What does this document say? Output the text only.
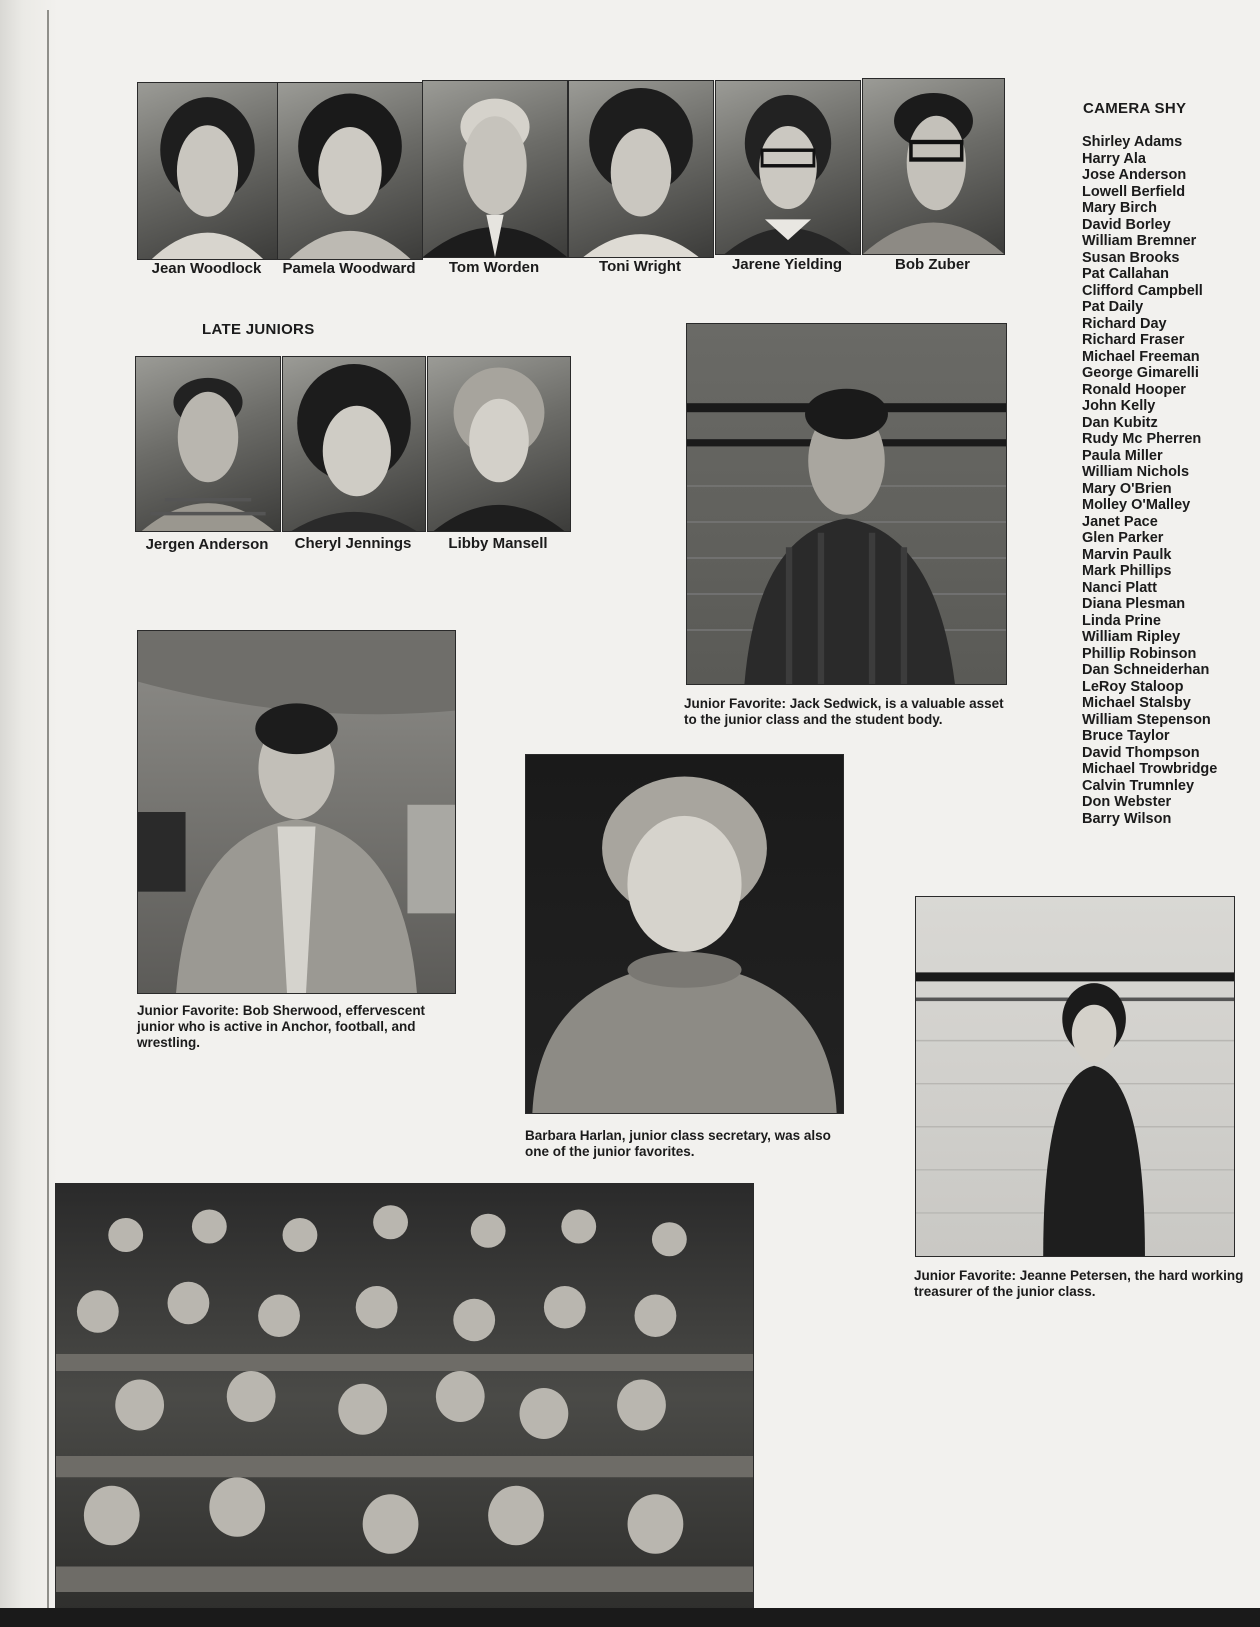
Jean Woodlock	Pamela Woodward	Tom Worden	Toni Wright	Jarene Yielding	Bob Zuber
LATE JUNIORS
Jergen Anderson	Cheryl Jennings	Libby Mansell
Junior Favorite: Jack Sedwick, is a valuable asset to the junior class and the student body.
Junior Favorite: Bob Sherwood, effervescent junior who is active in Anchor, football, and wrestling.
Barbara Harlan, junior class secretary, was also one of the junior favorites.
Junior Favorite: Jeanne Petersen, the hard working treasurer of the junior class.
CAMERA SHY
Shirley Adams
Harry Ala
Jose Anderson
Lowell Berfield
Mary Birch
David Borley
William Bremner
Susan Brooks
Pat Callahan
Clifford Campbell
Pat Daily
Richard Day
Richard Fraser
Michael Freeman
George Gimarelli
Ronald Hooper
John Kelly
Dan Kubitz
Rudy Mc Pherren
Paula Miller
William Nichols
Mary O'Brien
Molley O'Malley
Janet Pace
Glen Parker
Marvin Paulk
Mark Phillips
Nanci Platt
Diana Plesman
Linda Prine
William Ripley
Phillip Robinson
Dan Schneiderhan
LeRoy Staloop
Michael Stalsby
William Stepenson
Bruce Taylor
David Thompson
Michael Trowbridge
Calvin Trumnley
Don Webster
Barry Wilson
